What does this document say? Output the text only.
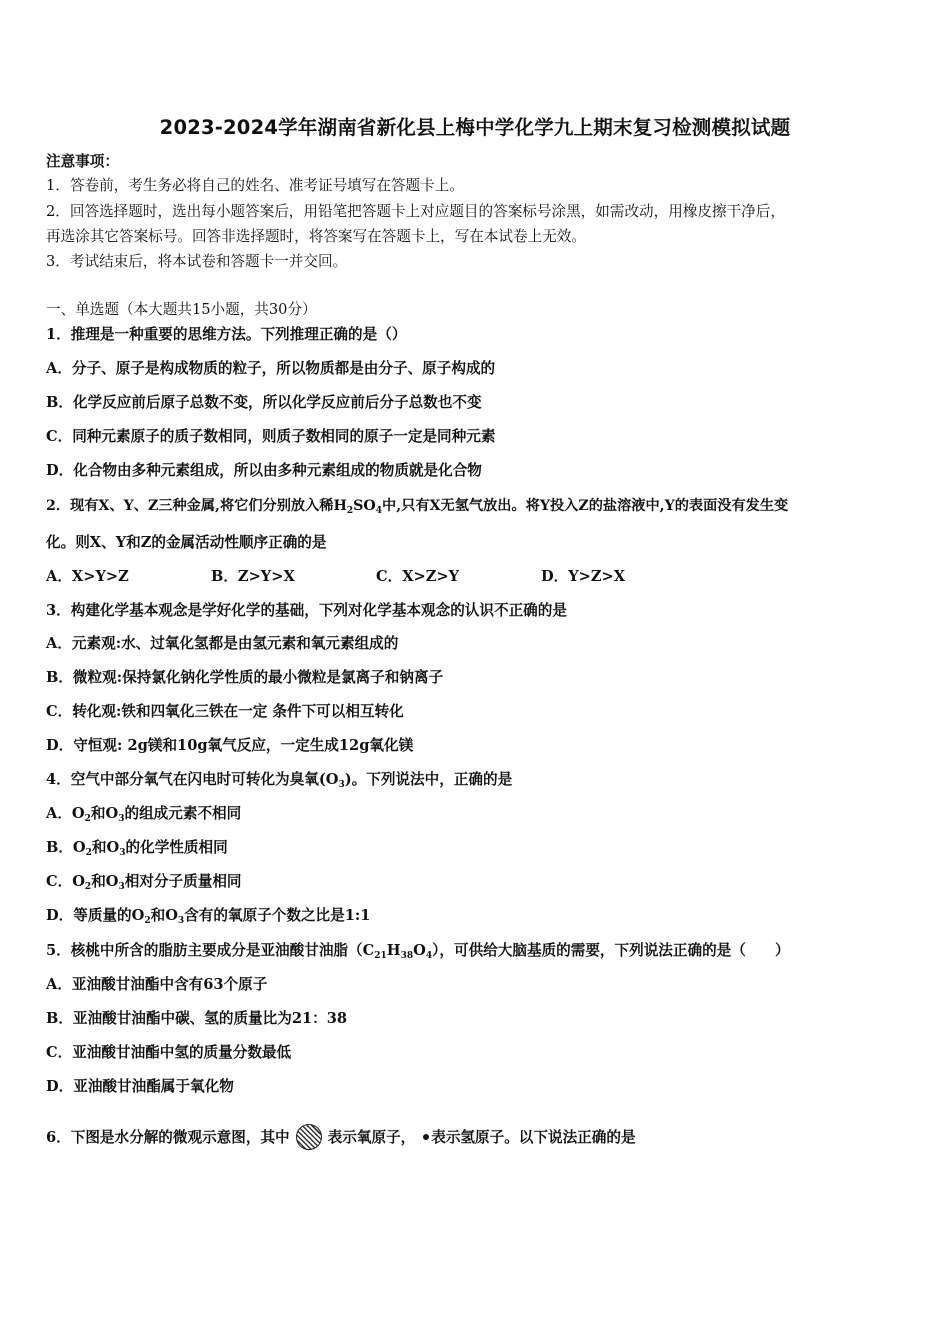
2023-2024学年湖南省新化县上梅中学化学九上期末复习检测模拟试题
注意事项：
1．答卷前，考生务必将自己的姓名、准考证号填写在答题卡上。
2．回答选择题时，选出每小题答案后，用铅笔把答题卡上对应题目的答案标号涂黑，如需改动，用橡皮擦干净后，
再选涂其它答案标号。回答非选择题时，将答案写在答题卡上，写在本试卷上无效。
3．考试结束后，将本试卷和答题卡一并交回。
一、单选题（本大题共15小题，共30分）
1．推理是一种重要的思维方法。下列推理正确的是（）
A．分子、原子是构成物质的粒子，所以物质都是由分子、原子构成的
B．化学反应前后原子总数不变，所以化学反应前后分子总数也不变
C．同种元素原子的质子数相同，则质子数相同的原子一定是同种元素
D．化合物由多种元素组成，所以由多种元素组成的物质就是化合物
2．现有X、Y、Z三种金属,将它们分别放入稀$H_2SO_4$中,只有X无氢气放出。将Y投入Z的盐溶液中,Y的表面没有发生变
化。则X、Y和Z的金属活动性顺序正确的是
A．X>Y>Z	B．Z>Y>X	C．X>Z>Y	D．Y>Z>X
3．构建化学基本观念是学好化学的基础，下列对化学基本观念的认识不正确的是
A．元素观:水、过氧化氢都是由氢元素和氧元素组成的
B．微粒观:保持氯化钠化学性质的最小微粒是氯离子和钠离子
C．转化观:铁和四氧化三铁在一定 条件下可以相互转化
D．守恒观: 2g镁和10g氧气反应，一定生成12g氧化镁
4．空气中部分氧气在闪电时可转化为臭氧$(O_3)$。下列说法中，正确的是
A．$O_2$和$O_3$的组成元素不相同
B．$O_2$和$O_3$的化学性质相同
C．$O_2$和$O_3$相对分子质量相同
D．等质量的$O_2$和$O_3$含有的氧原子个数之比是1:1
5．核桃中所含的脂肪主要成分是亚油酸甘油脂$(C_{21}H_{38}O_4)$，可供给大脑基质的需要，下列说法正确的是（　　）
A．亚油酸甘油酯中含有63个原子
B．亚油酸甘油酯中碳、氢的质量比为21：38
C．亚油酸甘油酯中氢的质量分数最低
D．亚油酸甘油酯属于氧化物
6．下图是水分解的微观示意图，其中	表示氧原子， 表示氢原子。以下说法正确的是
